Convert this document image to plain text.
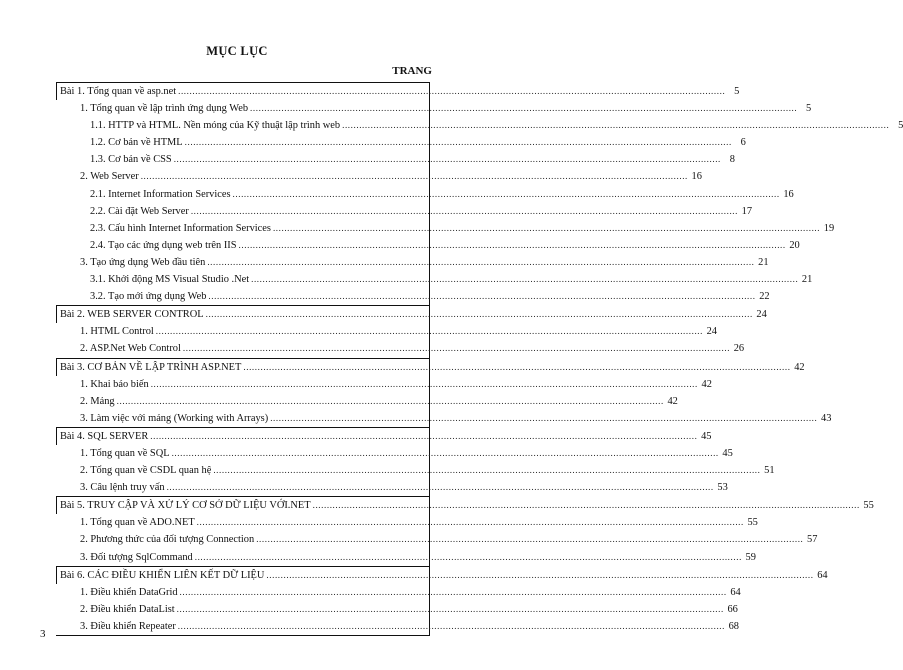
MỤC LỤC
TRANG
Bài 1. Tổng quan về asp.net .....	5
1. Tổng quan về lập trình ứng dụng Web .....	5
1.1. HTTP và HTML. Nền móng của Kỹ thuật lập trình web .....	5
1.2. Cơ bản về HTML .....	6
1.3. Cơ bản về CSS .....	8
2. Web Server .....	16
2.1. Internet Information Services .....	16
2.2. Cài đặt Web Server .....	17
2.3. Cấu hình Internet Information Services .....	19
2.4. Tạo các ứng dụng web trên IIS .....	20
3. Tạo ứng dụng Web đầu tiên .....	21
3.1. Khởi động MS Visual Studio .Net .....	21
3.2. Tạo mới ứng dụng Web .....	22
Bài 2. WEB SERVER CONTROL .....	24
1. HTML Control .....	24
2. ASP.Net Web Control .....	26
Bài 3. CƠ BẢN VỀ LẬP TRÌNH ASP.NET .....	42
1. Khai báo biến .....	42
2. Mảng .....	42
3. Làm việc với mảng (Working with Arrays) .....	43
Bài 4. SQL SERVER .....	45
1. Tổng quan về SQL .....	45
2. Tổng quan về CSDL quan hệ .....	51
3. Câu lệnh truy vấn .....	53
Bài 5. TRUY CẬP VÀ XỬ LÝ CƠ SỞ DỮ LIỆU VỚI.NET .....	55
1. Tổng quan về ADO.NET .....	55
2. Phương thức của đối tượng Connection .....	57
3. Đối tượng SqlCommand .....	59
Bài 6. CÁC ĐIỀU KHIỂN LIÊN KẾT DỮ LIỆU .....	64
1. Điều khiển DataGrid .....	64
2. Điều khiển DataList .....	66
3. Điều khiển Repeater .....	68
3
